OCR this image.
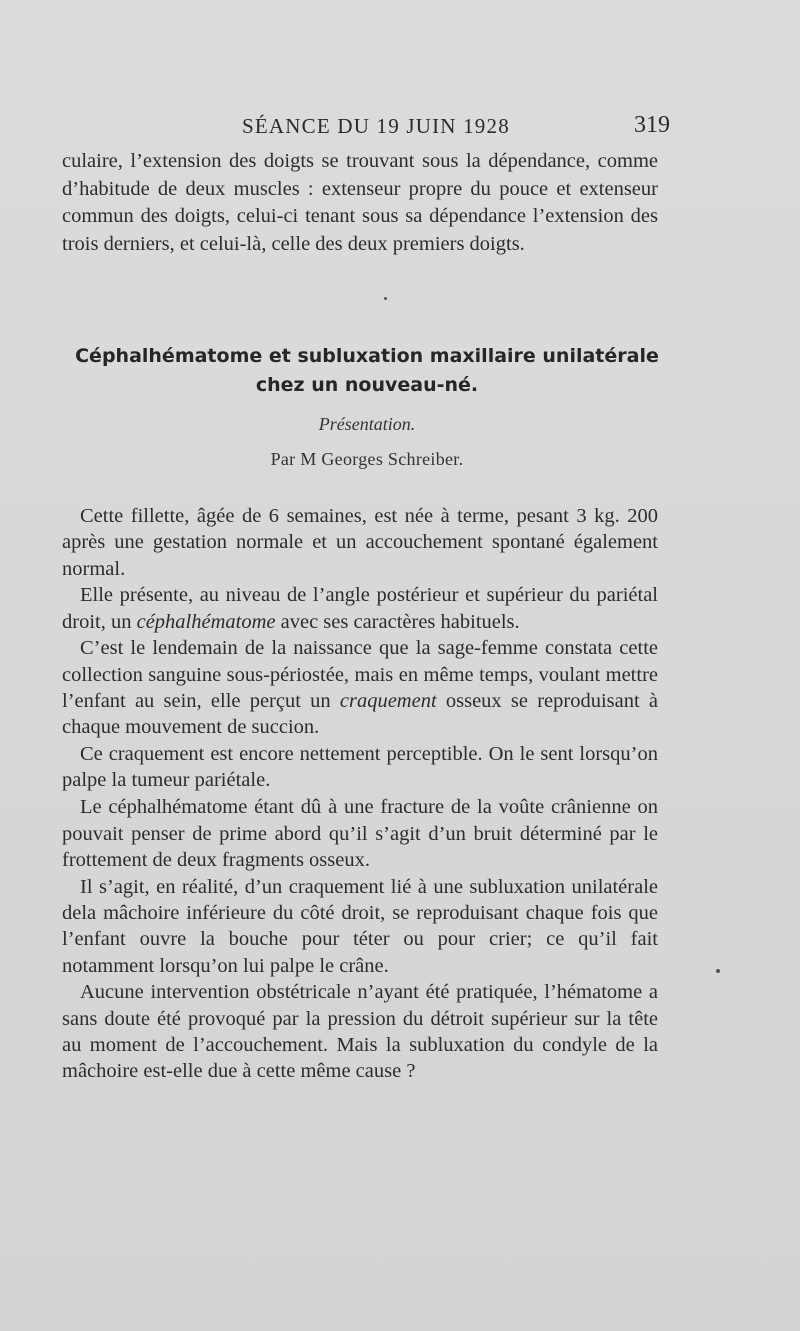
SÉANCE DU 19 JUIN 1928	319

culaire, l’extension des doigts se trouvant sous la dépendance, comme d’habitude de deux muscles : extenseur propre du pouce et extenseur commun des doigts, celui-ci tenant sous sa dépendance l’extension des trois derniers, et celui-là, celle des deux premiers doigts.

Céphalhématome et subluxation maxillaire unilatérale chez un nouveau-né.
Présentation.
Par M Georges Schreiber.

Cette fillette, âgée de 6 semaines, est née à terme, pesant 3 kg. 200 après une gestation normale et un accouchement spontané également normal.

Elle présente, au niveau de l’angle postérieur et supérieur du pariétal droit, un céphalhématome avec ses caractères habituels.

C’est le lendemain de la naissance que la sage-femme constata cette collection sanguine sous-périostée, mais en même temps, voulant mettre l’enfant au sein, elle perçut un craquement osseux se reproduisant à chaque mouvement de succion.

Ce craquement est encore nettement perceptible. On le sent lorsqu’on palpe la tumeur pariétale.

Le céphalhématome étant dû à une fracture de la voûte crânienne on pouvait penser de prime abord qu’il s’agit d’un bruit déterminé par le frottement de deux fragments osseux.

Il s’agit, en réalité, d’un craquement lié à une subluxation unilatérale dela mâchoire inférieure du côté droit, se reproduisant chaque fois que l’enfant ouvre la bouche pour téter ou pour crier; ce qu’il fait notamment lorsqu’on lui palpe le crâne.

Aucune intervention obstétricale n’ayant été pratiquée, l’hématome a sans doute été provoqué par la pression du détroit supérieur sur la tête au moment de l’accouchement. Mais la subluxation du condyle de la mâchoire est-elle due à cette même cause ?
